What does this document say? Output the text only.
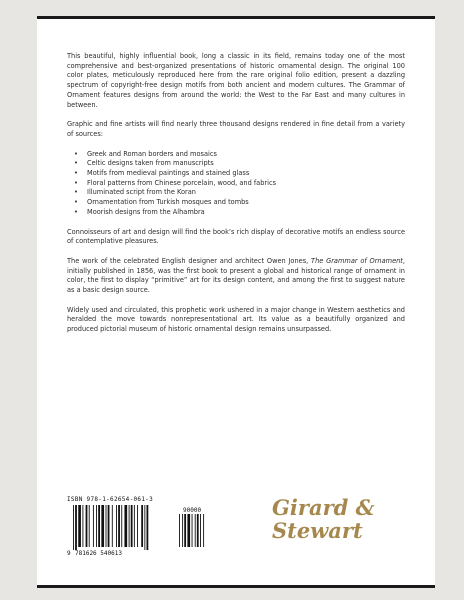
This beautiful, highly influential book, long a classic in its field, remains today one of the most comprehensive and best-organized presentations of historic ornamental design. The original 100 color plates, meticulously reproduced here from the rare original folio edition, present a dazzling spectrum of copyright-free design motifs from both ancient and modern cultures. The Grammar of Ornament features designs from around the world: the West to the Far East and many cultures in between.

Graphic and fine artists will find nearly three thousand designs rendered in fine detail from a variety of sources:

• Greek and Roman borders and mosaics
• Celtic designs taken from manuscripts
• Motifs from medieval paintings and stained glass
• Floral patterns from Chinese porcelain, wood, and fabrics
• Illuminated script from the Koran
• Ornamentation from Turkish mosques and tombs
• Moorish designs from the Alhambra

Connoisseurs of art and design will find the book’s rich display of decorative motifs an endless source of contemplative pleasures.

The work of the celebrated English designer and architect Owen Jones, The Grammar of Ornament, initially published in 1856, was the first book to present a global and historical range of ornament in color, the first to display “primitive” art for its design content, and among the first to suggest nature as a basic design source.

Widely used and circulated, this prophetic work ushered in a major change in Western aesthetics and heralded the move towards nonrepresentational art. Its value as a beautifully organized and produced pictorial museum of historic ornamental design remains unsurpassed.

ISBN 978-1-62654-061-3
90000
9 781626 540613
Girard &
Stewart
